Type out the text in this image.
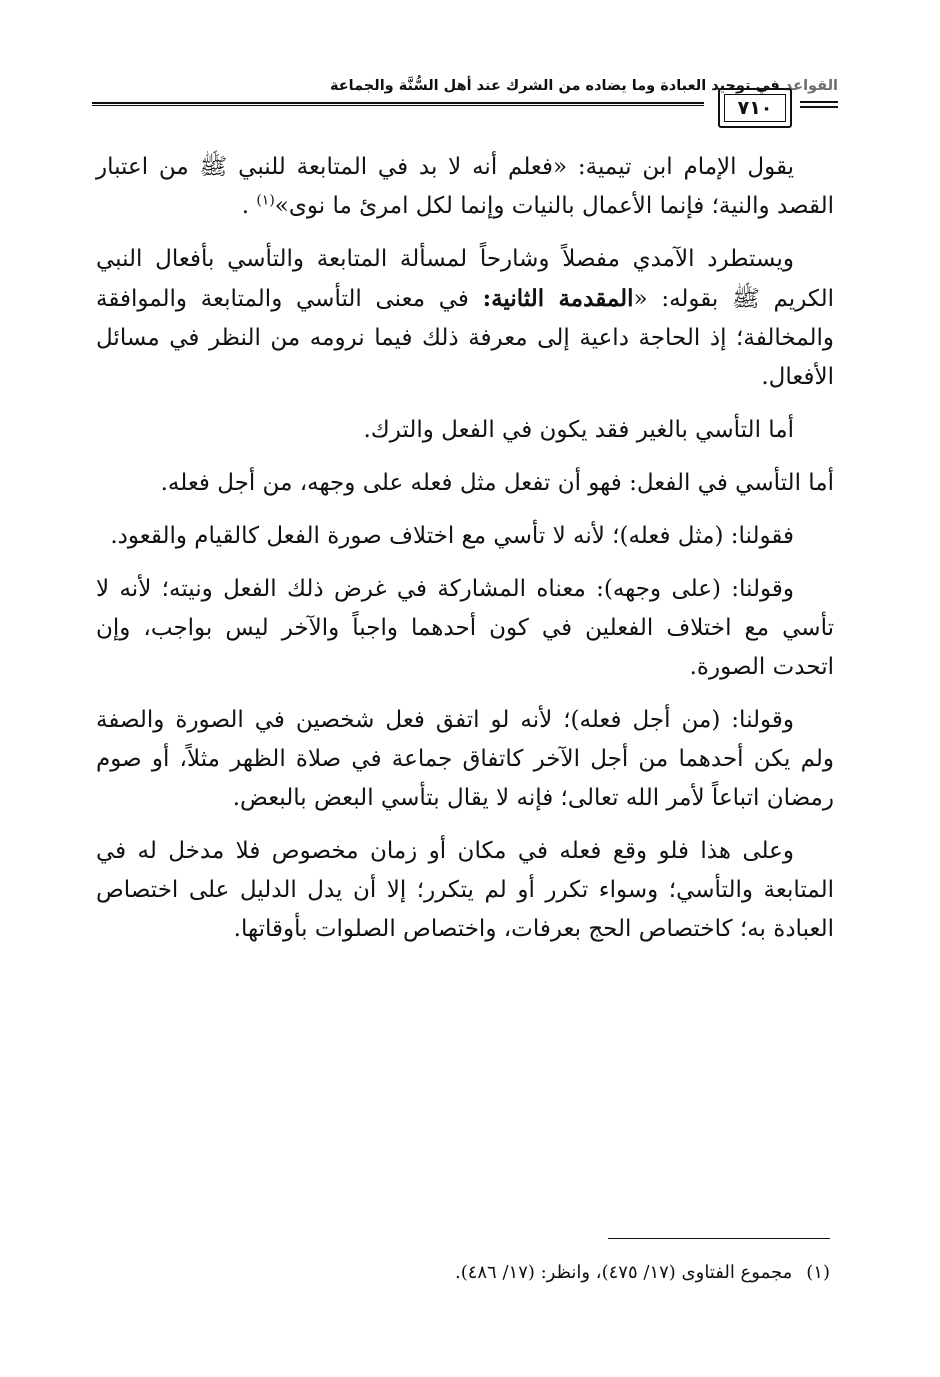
القواعد في توحيد العبادة وما يضاده من الشرك عند أهل السُّنَّة والجماعة
٧١٠

يقول الإمام ابن تيمية: «فعلم أنه لا بد في المتابعة للنبي ﷺ من اعتبار القصد والنية؛ فإنما الأعمال بالنيات وإنما لكل امرئ ما نوى»$^{(١)}$ .

ويستطرد الآمدي مفصلاً وشارحاً لمسألة المتابعة والتأسي بأفعال النبي الكريم ﷺ بقوله: «المقدمة الثانية: في معنى التأسي والمتابعة والموافقة والمخالفة؛ إذ الحاجة داعية إلى معرفة ذلك فيما نرومه من النظر في مسائل الأفعال.

أما التأسي بالغير فقد يكون في الفعل والترك.

أما التأسي في الفعل: فهو أن تفعل مثل فعله على وجهه، من أجل فعله.

فقولنا: (مثل فعله)؛ لأنه لا تأسي مع اختلاف صورة الفعل كالقيام والقعود.

وقولنا: (على وجهه): معناه المشاركة في غرض ذلك الفعل ونيته؛ لأنه لا تأسي مع اختلاف الفعلين في كون أحدهما واجباً والآخر ليس بواجب، وإن اتحدت الصورة.

وقولنا: (من أجل فعله)؛ لأنه لو اتفق فعل شخصين في الصورة والصفة ولم يكن أحدهما من أجل الآخر كاتفاق جماعة في صلاة الظهر مثلاً، أو صوم رمضان اتباعاً لأمر الله تعالى؛ فإنه لا يقال بتأسي البعض بالبعض.

وعلى هذا فلو وقع فعله في مكان أو زمان مخصوص فلا مدخل له في المتابعة والتأسي؛ وسواء تكرر أو لم يتكرر؛ إلا أن يدل الدليل على اختصاص العبادة به؛ كاختصاص الحج بعرفات، واختصاص الصلوات بأوقاتها.

(١)مجموع الفتاوى (١٧/ ٤٧٥)، وانظر: (١٧/ ٤٨٦).
